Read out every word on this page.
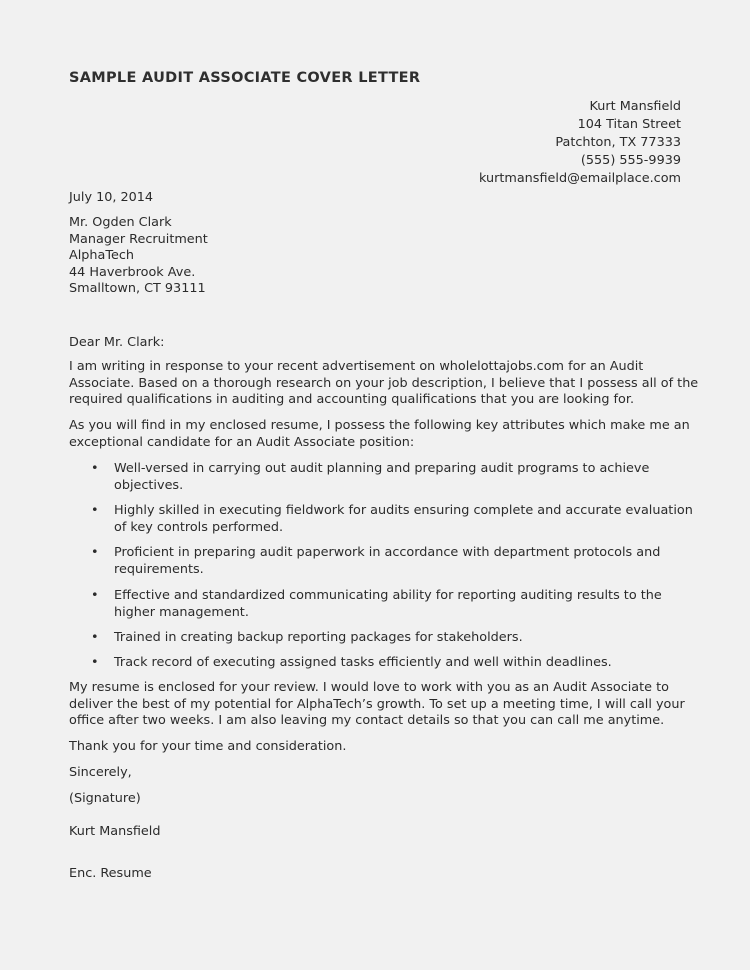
SAMPLE AUDIT ASSOCIATE COVER LETTER
Kurt Mansfield
104 Titan Street
Patchton, TX 77333
(555) 555-9939
kurtmansfield@emailplace.com
July 10, 2014
Mr. Ogden Clark
Manager Recruitment
AlphaTech
44 Haverbrook Ave.
Smalltown, CT 93111
Dear Mr. Clark:
I am writing in response to your recent advertisement on wholelottajobs.com for an Audit
Associate. Based on a thorough research on your job description, I believe that I possess all of the
required qualifications in auditing and accounting qualifications that you are looking for.
As you will find in my enclosed resume, I possess the following key attributes which make me an
exceptional candidate for an Audit Associate position:
• Well-versed in carrying out audit planning and preparing audit programs to achieve
objectives.
• Highly skilled in executing fieldwork for audits ensuring complete and accurate evaluation
of key controls performed.
• Proficient in preparing audit paperwork in accordance with department protocols and
requirements.
• Effective and standardized communicating ability for reporting auditing results to the
higher management.
• Trained in creating backup reporting packages for stakeholders.
• Track record of executing assigned tasks efficiently and well within deadlines.
My resume is enclosed for your review. I would love to work with you as an Audit Associate to
deliver the best of my potential for AlphaTech’s growth. To set up a meeting time, I will call your
office after two weeks. I am also leaving my contact details so that you can call me anytime.
Thank you for your time and consideration.
Sincerely,
(Signature)
Kurt Mansfield
Enc. Resume
